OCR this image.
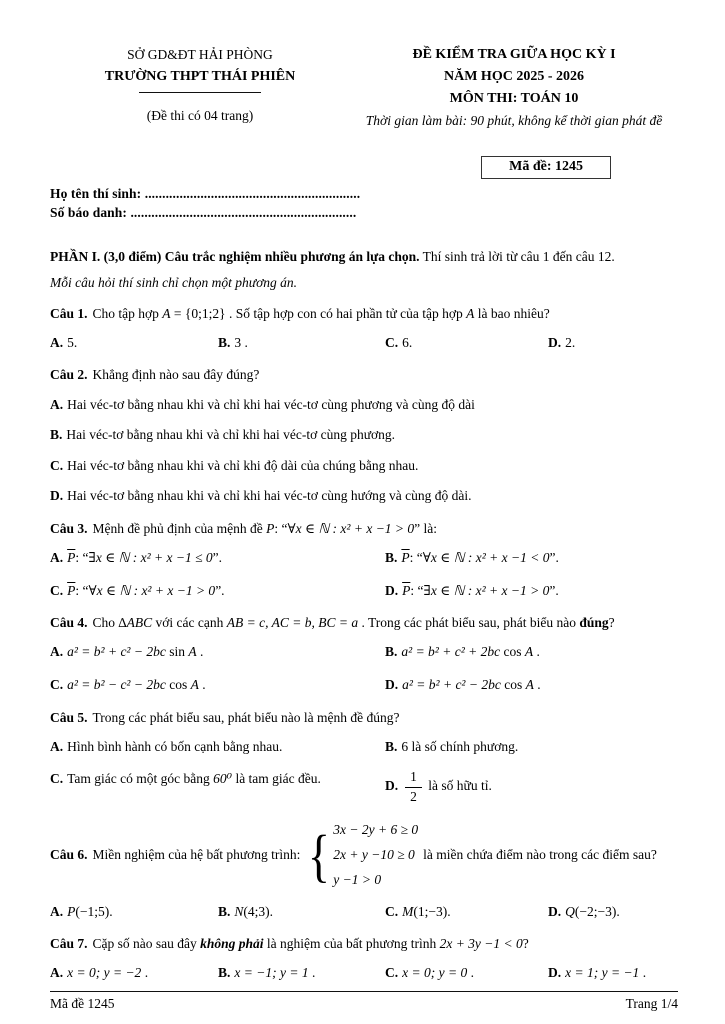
SỞ GD&ĐT HẢI PHÒNG
TRƯỜNG THPT THÁI PHIÊN
(Đề thi có 04 trang)
ĐỀ KIỂM TRA GIỮA HỌC KỲ I
NĂM HỌC 2025 - 2026
MÔN THI: TOÁN 10
Thời gian làm bài: 90 phút, không kể thời gian phát đề
Mã đề: 1245
Họ tên thí sinh: ..............................................................
Số báo danh: .................................................................
PHẦN I. (3,0 điểm) Câu trắc nghiệm nhiều phương án lựa chọn. Thí sinh trả lời từ câu 1 đến câu 12.
Mỗi câu hỏi thí sinh chỉ chọn một phương án.
Câu 1. Cho tập hợp A = {0;1;2} . Số tập hợp con có hai phần tử của tập hợp A là bao nhiêu?
A. 5.	B. 3 .	C. 6.	D. 2.
Câu 2. Khẳng định nào sau đây đúng?
A. Hai véc-tơ bằng nhau khi và chỉ khi hai véc-tơ cùng phương và cùng độ dài
B. Hai véc-tơ bằng nhau khi và chỉ khi hai véc-tơ cùng phương.
C. Hai véc-tơ bằng nhau khi và chỉ khi độ dài của chúng bằng nhau.
D. Hai véc-tơ bằng nhau khi và chỉ khi hai véc-tơ cùng hướng và cùng độ dài.
Câu 3. Mệnh đề phủ định của mệnh đề P: “∀x ∈ ℕ : x² + x −1 > 0” là:
A. $\overline{P}$: “∃x ∈ ℕ : x² + x −1 ≤ 0”.	B. $\overline{P}$: “∀x ∈ ℕ : x² + x −1 < 0”.
C. $\overline{P}$: “∀x ∈ ℕ : x² + x −1 > 0”.	D. $\overline{P}$: “∃x ∈ ℕ : x² + x −1 > 0”.
Câu 4. Cho ∆ABC với các cạnh AB = c, AC = b, BC = a . Trong các phát biểu sau, phát biểu nào đúng?
A. a² = b² + c² − 2bc sin A .	B. a² = b² + c² + 2bc cos A .
C. a² = b² − c² − 2bc cos A .	D. a² = b² + c² − 2bc cos A .
Câu 5. Trong các phát biểu sau, phát biểu nào là mệnh đề đúng?
A. Hình bình hành có bốn cạnh bằng nhau.	B. 6 là số chính phương.
C. Tam giác có một góc bằng 60⁰ là tam giác đều.	D. $\frac{1}{2}$ là số hữu tỉ.
Câu 6. Miền nghiệm của hệ bất phương trình: { 3x − 2y + 6 ≥ 0
2x + y −10 ≥ 0
y −1 > 0
là miền chứa điểm nào trong các điểm sau?
A. P(−1;5).	B. N(4;3).	C. M(1;−3).	D. Q(−2;−3).
Câu 7. Cặp số nào sau đây không phải là nghiệm của bất phương trình 2x + 3y −1 < 0?
A. x = 0; y = −2 .	B. x = −1; y = 1 .	C. x = 0; y = 0 .	D. x = 1; y = −1 .
Mã đề 1245	Trang 1/4
